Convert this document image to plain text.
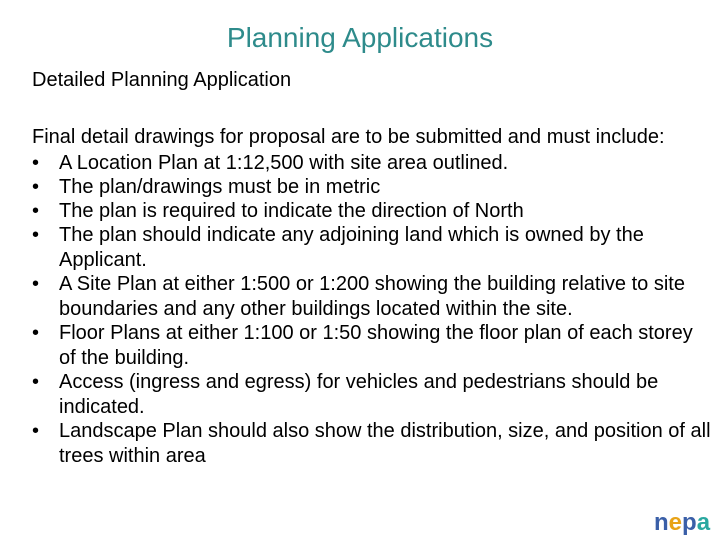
Planning Applications
Detailed Planning Application
Final detail drawings for proposal are to be submitted and must include:
• A Location Plan at 1:12,500 with site area outlined.
• The plan/drawings must be in metric
• The plan is required to indicate the direction of North
• The plan should indicate any adjoining land which is owned by the Applicant.
• A Site Plan at either 1:500 or 1:200 showing the building relative to site boundaries and any other buildings located within the site.
• Floor Plans at either 1:100 or 1:50 showing the floor plan of each storey of the building.
• Access (ingress and egress) for vehicles and pedestrians should be indicated.
• Landscape Plan should also show the distribution, size, and position of all trees within area
nepa
